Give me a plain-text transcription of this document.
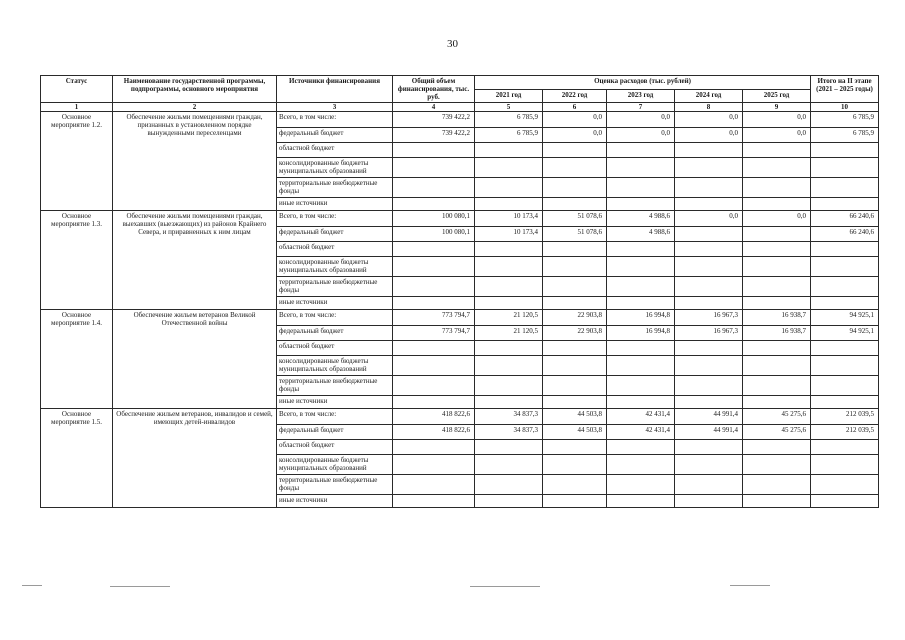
30
Статус	Наименование государственной программы, подпрограммы, основного мероприятия	Источники финансирования	Общий объем финансирования, тыс. руб.	Оценка расходов (тыс. рублей)					Итого на II этапе (2021 – 2025 годы)
				2021 год	2022 год	2023 год	2024 год	2025 год	
1	2	3	4	5	6	7	8	9	10
Основное мероприятие 1.2.	Обеспечение жильми помещениями граждан, признанных в установленном порядке вынужденными переселенцами	Всего, в том числе:	739 422,2	6 785,9	0,0	0,0	0,0	0,0	6 785,9
		федеральный бюджет	739 422,2	6 785,9	0,0	0,0	0,0	0,0	6 785,9
		областной бюджет							
		консолидированные бюджеты муниципальных образований							
		территориальные внебюджетные фонды							
		иные источники							
Основное мероприятие 1.3.	Обеспечение жильми помещениями граждан, выехавших (выезжающих) из районов Крайнего Севера, и приравненных к ним лицам	Всего, в том числе:	100 080,1	10 173,4	51 078,6	4 988,6	0,0	0,0	66 240,6
		федеральный бюджет	100 080,1	10 173,4	51 078,6	4 988,6			66 240,6
		областной бюджет							
		консолидированные бюджеты муниципальных образований							
		территориальные внебюджетные фонды							
		иные источники							
Основное мероприятие 1.4.	Обеспечение жильем ветеранов Великой Отечественной войны	Всего, в том числе:	773 794,7	21 120,5	22 903,8	16 994,8	16 967,3	16 938,7	94 925,1
		федеральный бюджет	773 794,7	21 120,5	22 903,8	16 994,8	16 967,3	16 938,7	94 925,1
		областной бюджет							
		консолидированные бюджеты муниципальных образований							
		территориальные внебюджетные фонды							
		иные источники							
Основное мероприятие 1.5.	Обеспечение жильем ветеранов, инвалидов и семей, имеющих детей-инвалидов	Всего, в том числе:	418 822,6	34 837,3	44 503,8	42 431,4	44 991,4	45 275,6	212 039,5
		федеральный бюджет	418 822,6	34 837,3	44 503,8	42 431,4	44 991,4	45 275,6	212 039,5
		областной бюджет							
		консолидированные бюджеты муниципальных образований							
		территориальные внебюджетные фонды							
		иные источники							
